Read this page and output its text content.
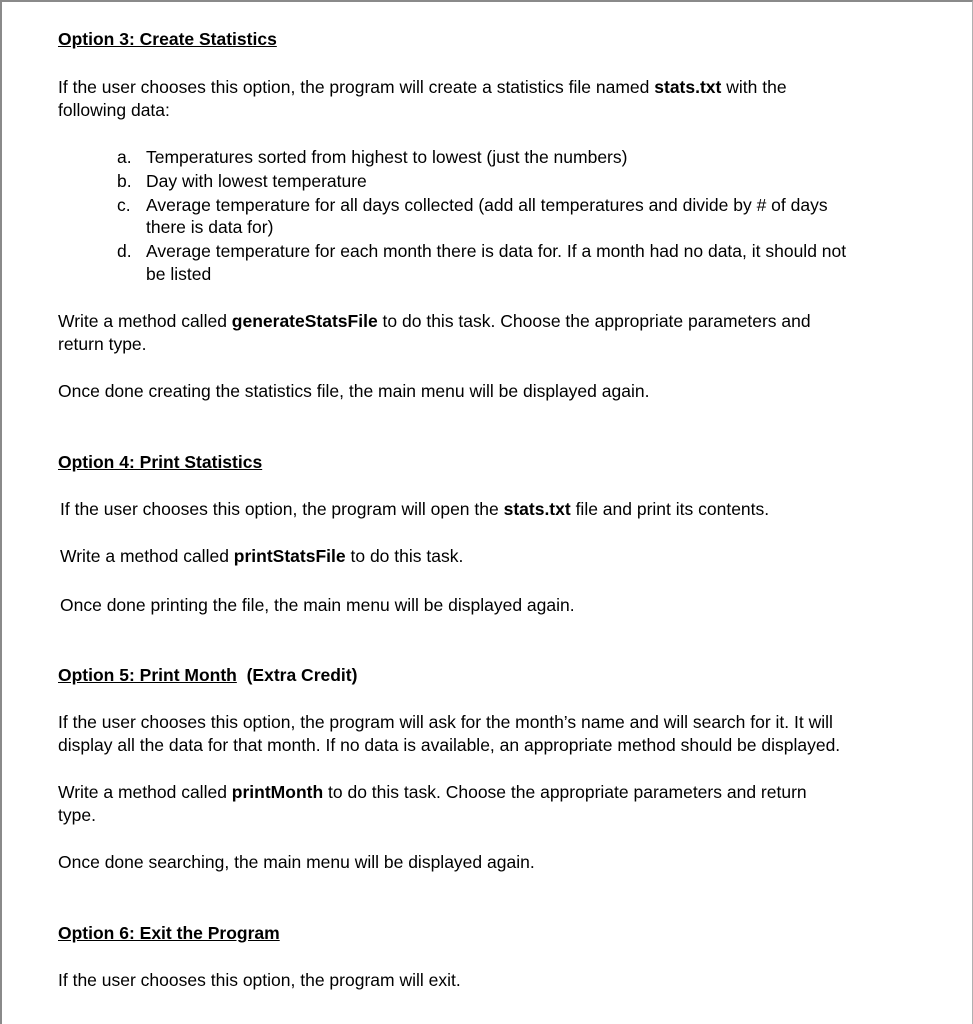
Option 3: Create Statistics
If the user chooses this option, the program will create a statistics file named stats.txt with the
following data:
a. Temperatures sorted from highest to lowest (just the numbers)
b. Day with lowest temperature
c. Average temperature for all days collected (add all temperatures and divide by # of days
there is data for)
d. Average temperature for each month there is data for. If a month had no data, it should not
be listed
Write a method called generateStatsFile to do this task. Choose the appropriate parameters and
return type.
Once done creating the statistics file, the main menu will be displayed again.
Option 4: Print Statistics
If the user chooses this option, the program will open the stats.txt file and print its contents.
Write a method called printStatsFile to do this task.
Once done printing the file, the main menu will be displayed again.
Option 5: Print Month (Extra Credit)
If the user chooses this option, the program will ask for the month’s name and will search for it. It will
display all the data for that month. If no data is available, an appropriate method should be displayed.
Write a method called printMonth to do this task. Choose the appropriate parameters and return
type.
Once done searching, the main menu will be displayed again.
Option 6: Exit the Program
If the user chooses this option, the program will exit.
